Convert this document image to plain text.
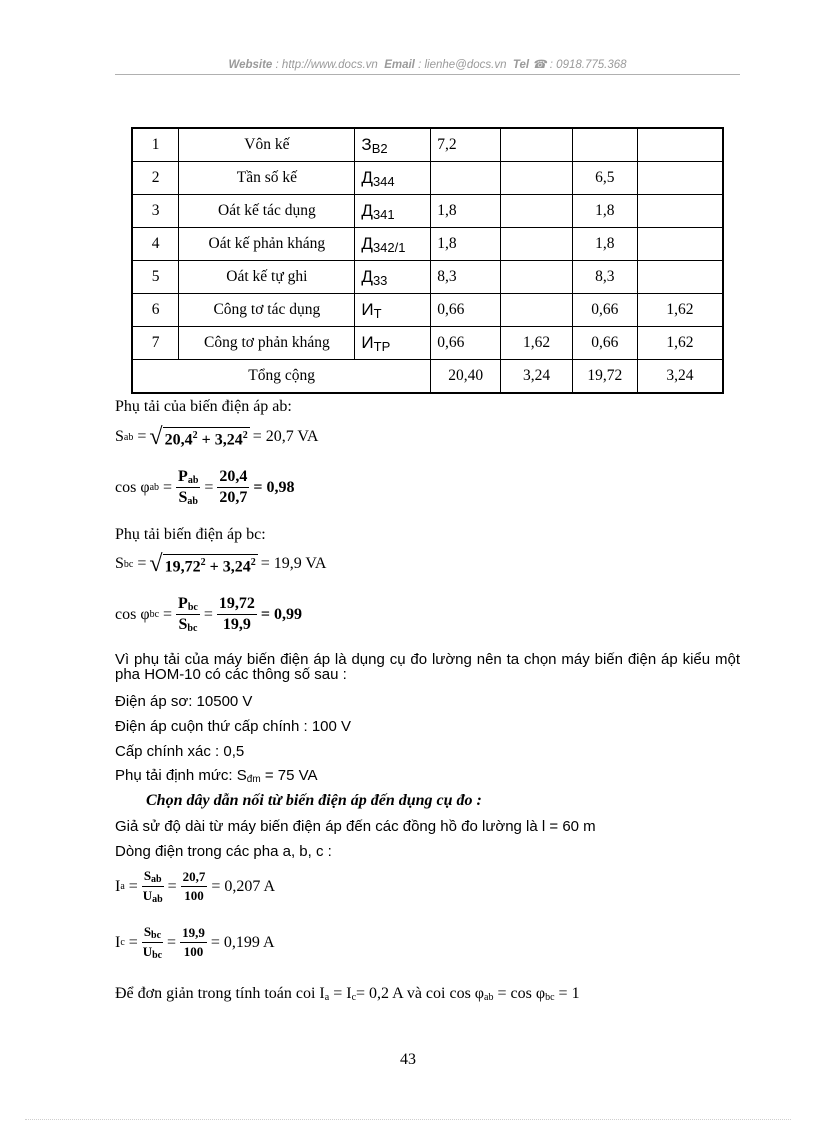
Website : http://www.docs.vn Email : lienhe@docs.vn Tel ☎ : 0918.775.368
1	Vôn kế	$З_{B2}$	7,2			
2	Tần số kế	$Д_{344}$			6,5	
3	Oát kế tác dụng	$Д_{341}$	1,8		1,8	
4	Oát kế phản kháng	$Д_{342/1}$	1,8		1,8	
5	Oát kế tự ghi	$Д_{33}$	8,3		8,3	
6	Công tơ tác dụng	$И_T$	0,66		0,66	1,62
7	Công tơ phản kháng	$И_{TP}$	0,66	1,62	0,66	1,62
Tổng cộng			20,40	3,24	19,72	3,24
Phụ tải của biến điện áp ab:
S ab = √ $20,4^2 + 3,24^2 = 20,7$ VA
cos φ ab = $\frac{P_{ab}}{S_{ab}} = \frac{20,4}{20,7} = 0,98$
Phụ tải biến điện áp bc:
S bc = √ $19,72^2 + 3,24^2 = 19,9$ VA
cos φ bc = $\frac{P_{bc}}{S_{bc}} = \frac{19,72}{19,9} = 0,99$
Vì phụ tải của máy biến điện áp là dụng cụ đo lường nên ta chọn máy biến điện áp kiểu một pha HOM-10 có các thông số sau :
Điện áp sơ: 10500 V
Điện áp cuộn thứ cấp chính : 100 V
Cấp chính xác : 0,5
Phụ tải định mức: $S_{đm} = 75$ VA
Chọn dây dẫn nối từ biến điện áp đến dụng cụ đo :
Giả sử độ dài từ máy biến điện áp đến các đồng hồ đo lường là l = 60 m
Dòng điện trong các pha a, b, c :
I $a = \frac{S_{ab}}{U_{ab}} = \frac{20,7}{100} = 0,207$ A
I $c = \frac{S_{bc}}{U_{bc}} = \frac{19,9}{100} = 0,199$ A
Để đơn giản trong tính toán coi $I_a = I_c= 0,2$ A và coi $\cos \varphi_{ab} = \cos \varphi_{bc} = 1$
43
